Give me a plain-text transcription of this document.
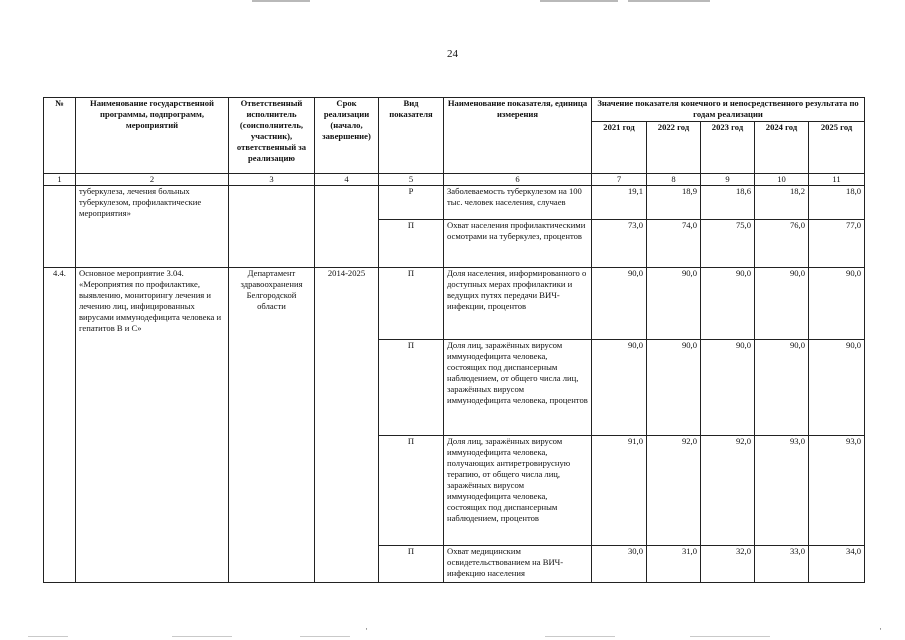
24
№	Наименование государственной программы, подпрограмм, мероприятий	Ответственный исполнитель (соисполнитель, участник), ответственный за реализацию	Срок реализации (начало, завершение)	Вид показателя	Наименование показателя, единица измерения	Значение показателя конечного и непосредственного результата по годам реализации				
						2021 год	2022 год	2023 год	2024 год	2025 год
1	2	3	4	5	6	7	8	9	10	11
	туберкулеза, лечения больных туберкулезом, профилактические мероприятия»			Р	Заболеваемость туберкулезом на 100 тыс. человек населения, случаев	19,1	18,9	18,6	18,2	18,0
				П	Охват населения профилактическими осмотрами на туберкулез, процентов	73,0	74,0	75,0	76,0	77,0
4.4.	Основное мероприятие 3.04. «Мероприятия по профилактике, выявлению, мониторингу лечения и лечению лиц, инфицированных вирусами иммунодефицита человека и гепатитов В и С»	Департамент здравоохранения Белгородской области	2014-2025	П	Доля населения, информированного о доступных мерах профилактики и ведущих путях передачи ВИЧ-инфекции, процентов	90,0	90,0	90,0	90,0	90,0
				П	Доля лиц, заражённых вирусом иммунодефицита человека, состоящих под диспансерным наблюдением, от общего числа лиц, заражённых вирусом иммунодефицита человека, процентов	90,0	90,0	90,0	90,0	90,0
				П	Доля лиц, заражённых вирусом иммунодефицита человека, получающих антиретровирусную терапию, от общего числа лиц, заражённых вирусом иммунодефицита человека, состоящих под диспансерным наблюдением, процентов	91,0	92,0	92,0	93,0	93,0
				П	Охват медицинским освидетельствованием на ВИЧ-инфекцию населения	30,0	31,0	32,0	33,0	34,0
·	·
